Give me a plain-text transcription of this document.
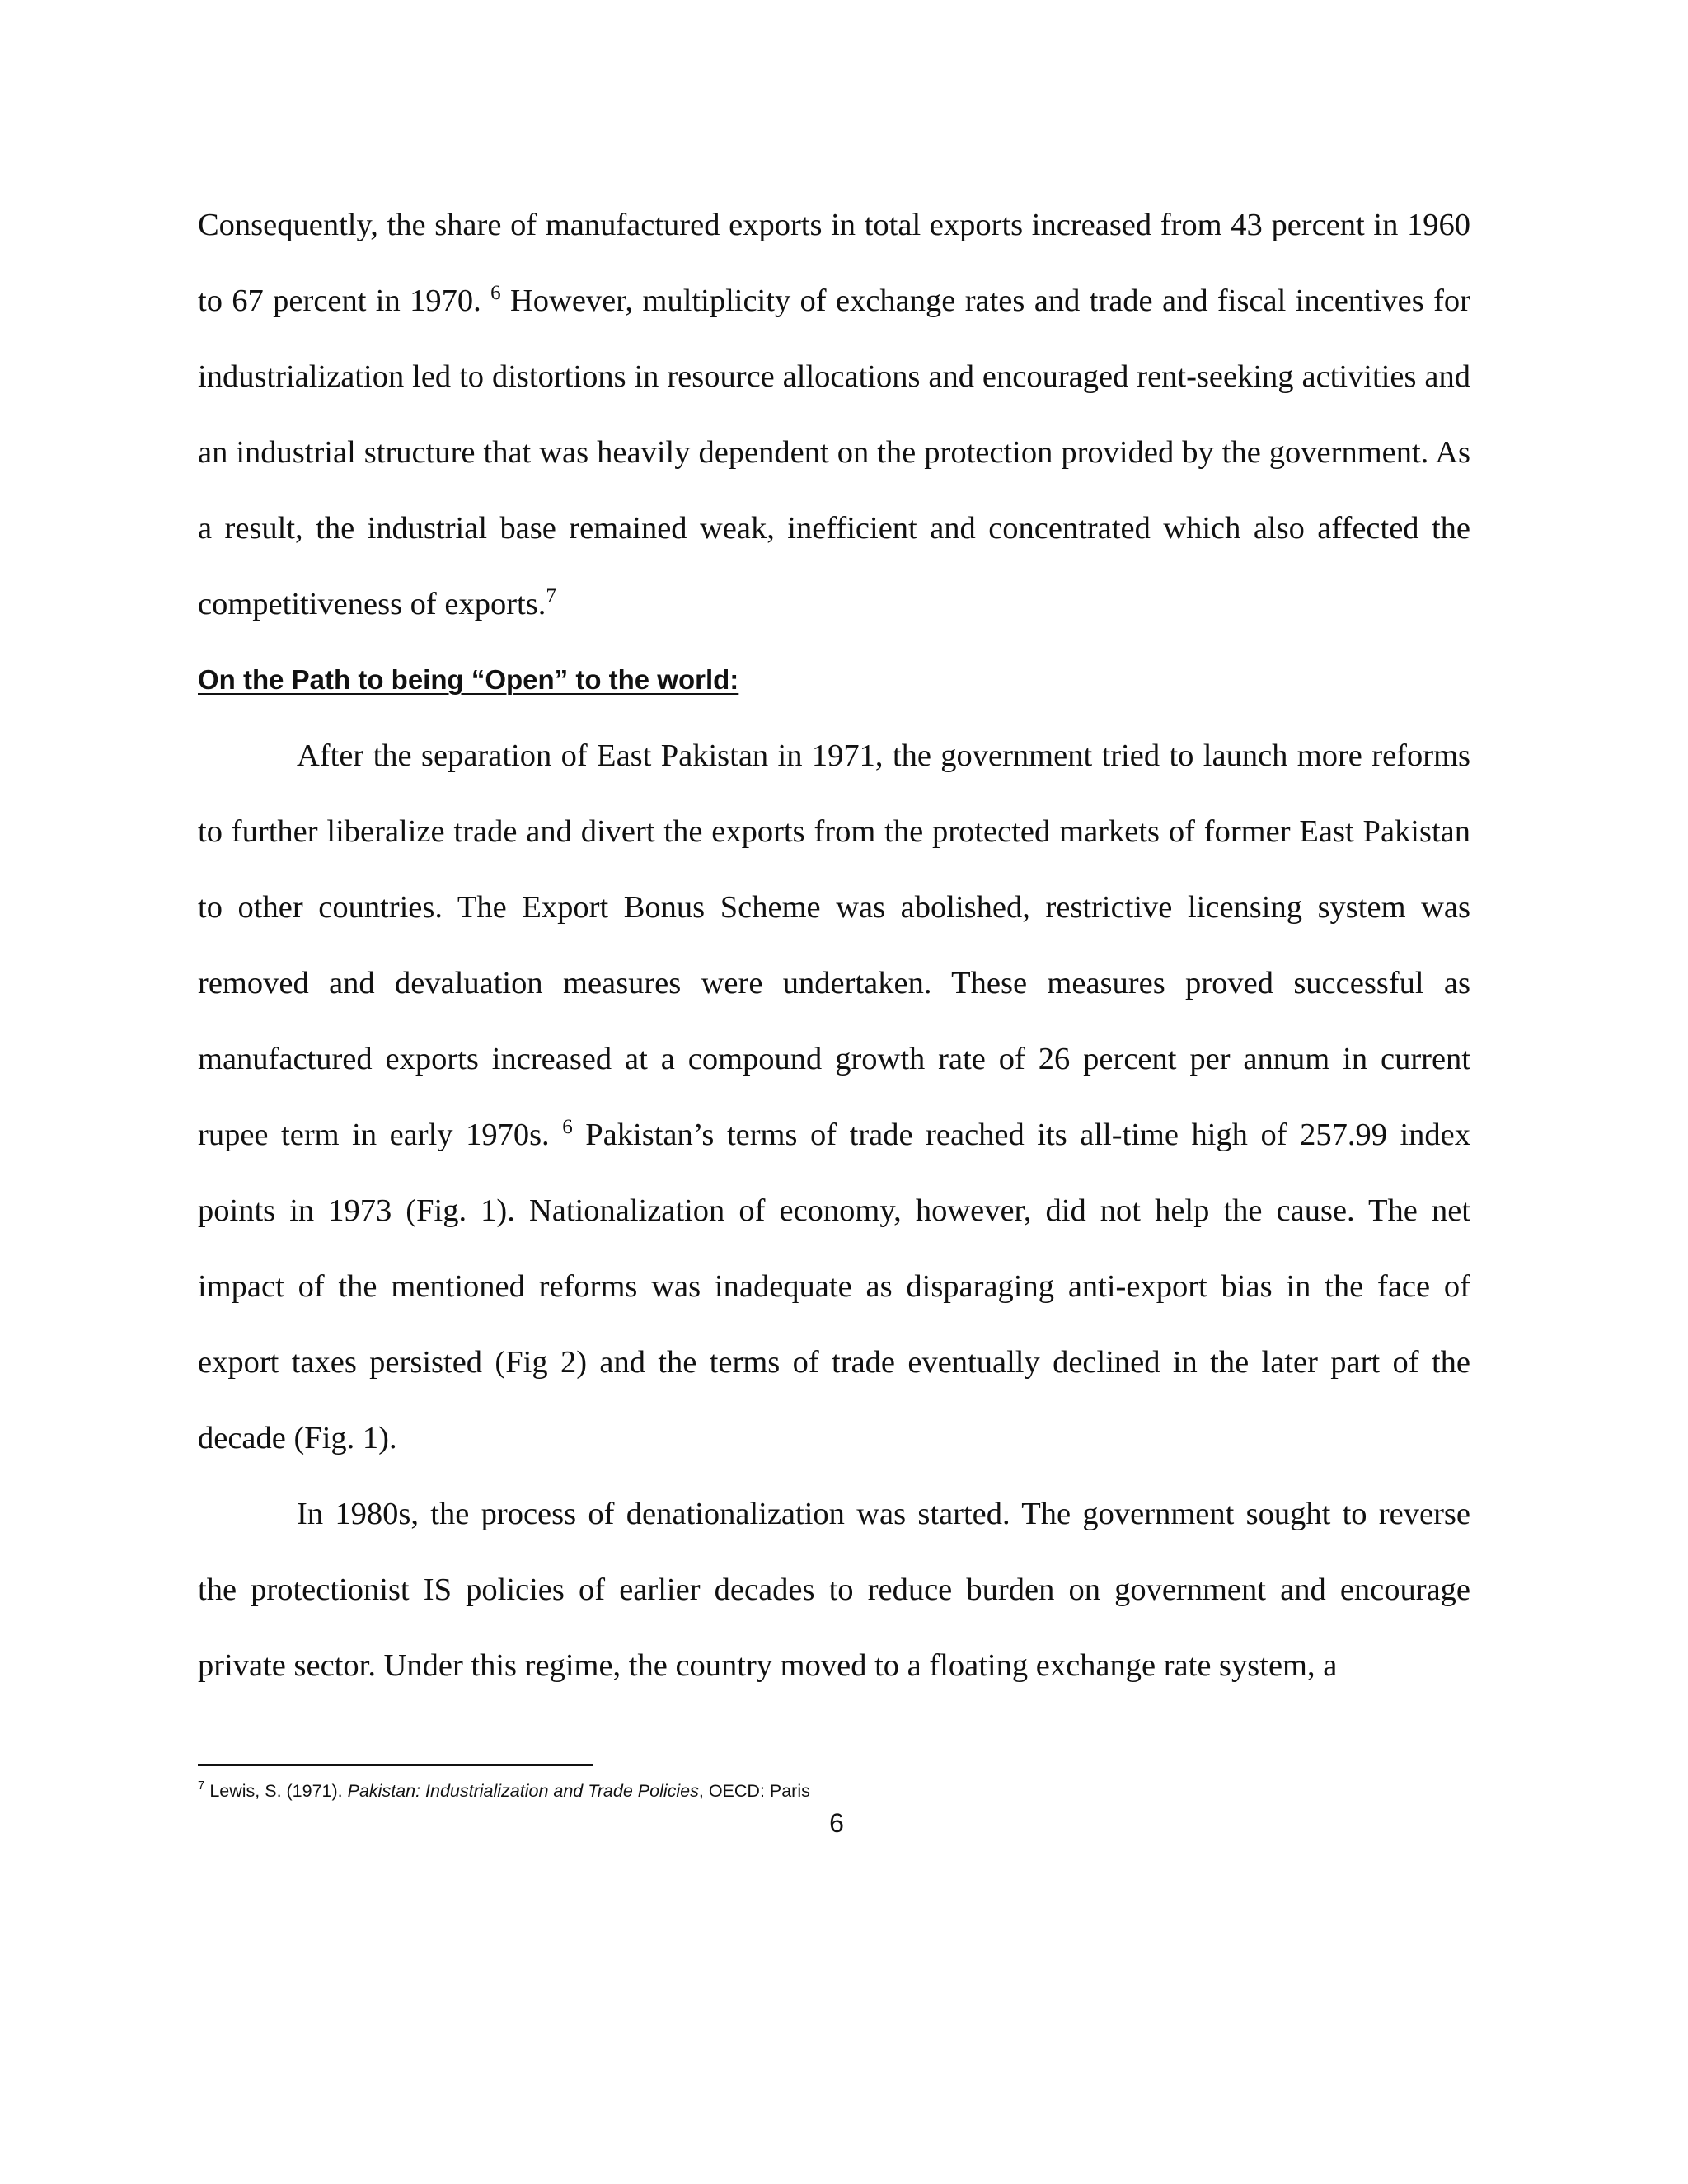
Consequently, the share of manufactured exports in total exports increased from 43 percent in 1960 to 67 percent in 1970. $^6$ However, multiplicity of exchange rates and trade and fiscal incentives for industrialization led to distortions in resource allocations and encouraged rent-seeking activities and an industrial structure that was heavily dependent on the protection provided by the government. As a result, the industrial base remained weak, inefficient and concentrated which also affected the competitiveness of exports.$^7$

On the Path to being “Open” to the world:

After the separation of East Pakistan in 1971, the government tried to launch more reforms to further liberalize trade and divert the exports from the protected markets of former East Pakistan to other countries. The Export Bonus Scheme was abolished, restrictive licensing system was removed and devaluation measures were undertaken. These measures proved successful as manufactured exports increased at a compound growth rate of 26 percent per annum in current rupee term in early 1970s. $^6$ Pakistan’s terms of trade reached its all-time high of 257.99 index points in 1973 (Fig. 1). Nationalization of economy, however, did not help the cause. The net impact of the mentioned reforms was inadequate as disparaging anti-export bias in the face of export taxes persisted (Fig 2) and the terms of trade eventually declined in the later part of the decade (Fig. 1).

In 1980s, the process of denationalization was started. The government sought to reverse the protectionist IS policies of earlier decades to reduce burden on government and encourage private sector. Under this regime, the country moved to a floating exchange rate system, a

$^7$ Lewis, S. (1971). Pakistan: Industrialization and Trade Policies, OECD: Paris
6
